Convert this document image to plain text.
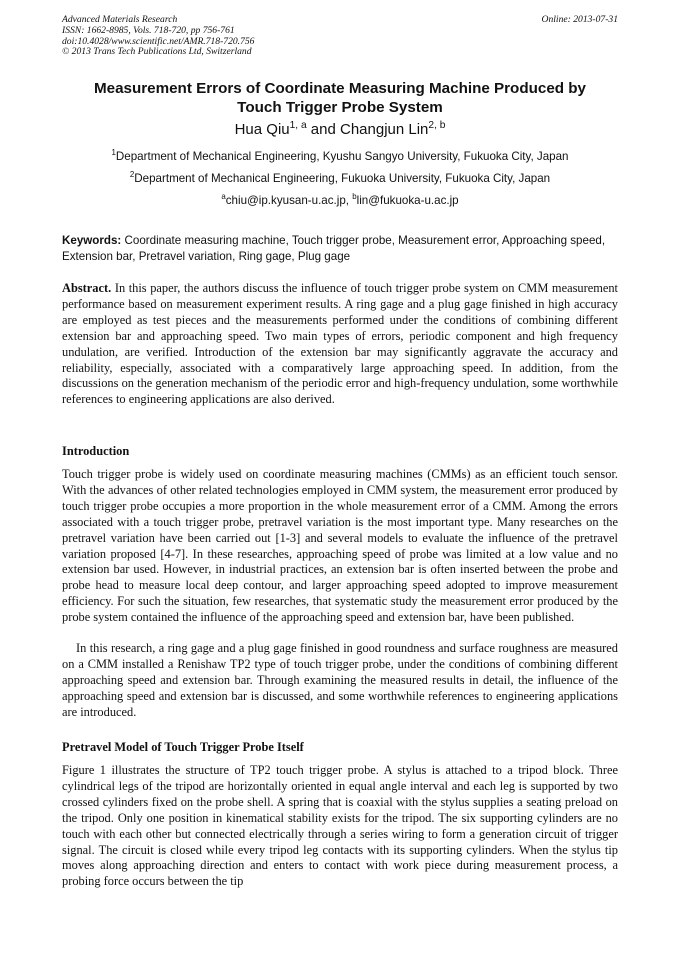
Advanced Materials Research	Online: 2013-07-31
ISSN: 1662-8985, Vols. 718-720, pp 756-761
doi:10.4028/www.scientific.net/AMR.718-720.756
© 2013 Trans Tech Publications Ltd, Switzerland
Measurement Errors of Coordinate Measuring Machine Produced by
Touch Trigger Probe System
Hua Qiu$^{1, a}$ and Changjun Lin$^{2, b}$
$^1$Department of Mechanical Engineering, Kyushu Sangyo University, Fukuoka City, Japan
$^2$Department of Mechanical Engineering, Fukuoka University, Fukuoka City, Japan
$^a$chiu@ip.kyusan-u.ac.jp, $^b$lin@fukuoka-u.ac.jp
Keywords: Coordinate measuring machine, Touch trigger probe, Measurement error, Approaching speed, Extension bar, Pretravel variation, Ring gage, Plug gage
Abstract. In this paper, the authors discuss the influence of touch trigger probe system on CMM measurement performance based on measurement experiment results. A ring gage and a plug gage finished in high accuracy are employed as test pieces and the measurements performed under the conditions of combining different extension bar and approaching speed. Two main types of errors, periodic component and high frequency undulation, are verified. Introduction of the extension bar may significantly aggravate the accuracy and reliability, especially, associated with a comparatively large approaching speed. In addition, from the discussions on the generation mechanism of the periodic error and high-frequency undulation, some worthwhile references to engineering applications are also derived.
Introduction
Touch trigger probe is widely used on coordinate measuring machines (CMMs) as an efficient touch sensor. With the advances of other related technologies employed in CMM system, the measurement error produced by touch trigger probe occupies a more proportion in the whole measurement error of a CMM. Among the errors associated with a touch trigger probe, pretravel variation is the most important type. Many researches on the pretravel variation have been carried out [1-3] and several models to evaluate the influence of the pretravel variation proposed [4-7]. In these researches, approaching speed of probe was limited at a low value and no extension bar used. However, in industrial practices, an extension bar is often inserted between the probe and probe head to measure local deep contour, and larger approaching speed adopted to improve measurement efficiency. For such the situation, few researches, that systematic study the measurement error produced by the probe system contained the influence of the approaching speed and extension bar, have been published.
In this research, a ring gage and a plug gage finished in good roundness and surface roughness are measured on a CMM installed a Renishaw TP2 type of touch trigger probe, under the conditions of combining different approaching speed and extension bar. Through examining the measured results in detail, the influence of the approaching speed and extension bar is discussed, and some worthwhile references to engineering applications are introduced.
Pretravel Model of Touch Trigger Probe Itself
Figure 1 illustrates the structure of TP2 touch trigger probe. A stylus is attached to a tripod block. Three cylindrical legs of the tripod are horizontally oriented in equal angle interval and each leg is supported by two crossed cylinders fixed on the probe shell. A spring that is coaxial with the stylus supplies a seating preload on the tripod. Only one position in kinematical stability exists for the tripod. The six supporting cylinders are no touch with each other but connected electrically through a series wiring to form a generation circuit of trigger signal. The circuit is closed while every tripod leg contacts with its supporting cylinders. When the stylus tip moves along approaching direction and enters to contact with work piece during measurement process, a probing force occurs between the tip
